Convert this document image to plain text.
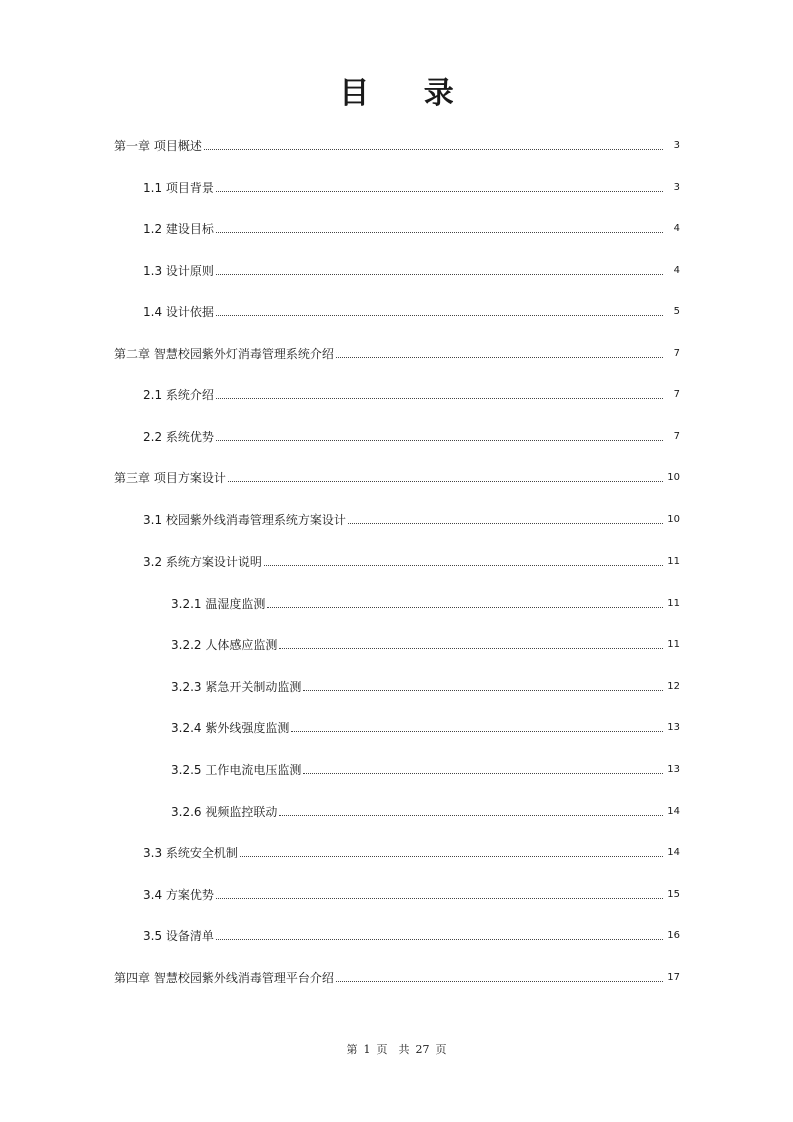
目 录
第一章 项目概述	3
1.1 项目背景	3
1.2 建设目标	4
1.3 设计原则	4
1.4 设计依据	5
第二章 智慧校园紫外灯消毒管理系统介绍	7
2.1 系统介绍	7
2.2 系统优势	7
第三章 项目方案设计	10
3.1 校园紫外线消毒管理系统方案设计	10
3.2 系统方案设计说明	11
3.2.1 温湿度监测	11
3.2.2 人体感应监测	11
3.2.3 紧急开关制动监测	12
3.2.4 紫外线强度监测	13
3.2.5 工作电流电压监测	13
3.2.6 视频监控联动	14
3.3 系统安全机制	14
3.4 方案优势	15
3.5 设备清单	16
第四章 智慧校园紫外线消毒管理平台介绍	17
第 1 页　共 27 页
